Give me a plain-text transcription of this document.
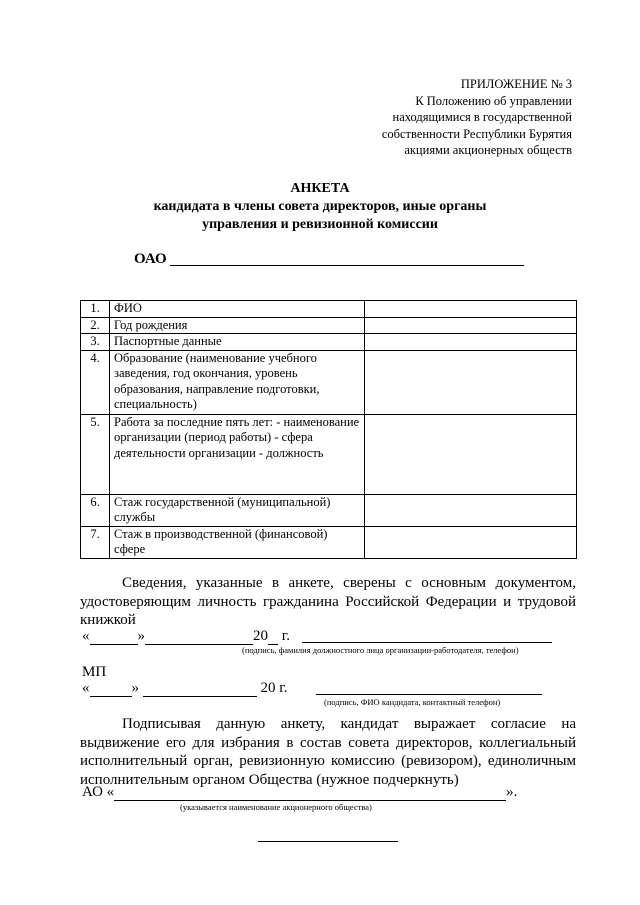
ПРИЛОЖЕНИЕ № 3
К Положению об управлении
находящимися в государственной
собственности Республики Бурятия
акциями акционерных обществ
АНКЕТА
кандидата в члены совета директоров, иные органы
управления и ревизионной комиссии
ОАО
1.	ФИО	
2.	Год рождения	
3.	Паспортные данные	
4.	Образование (наименование учебного заведения, год окончания, уровень образования, направление подготовки, специальность)	
5.	Работа за последние пять лет: - наименование организации (период работы) - сфера деятельности организации - должность	
6.	Стаж государственной (муниципальной) службы	
7.	Стаж в производственной (финансовой) сфере	

Сведения, указанные в анкете, сверены с основным документом, удостоверяющим личность гражданина Российской Федерации и трудовой книжкой

«	»	20 г.
(подпись, фамилия должностного лица организации-работодателя, телефон)
МП
«	»	20 г.
(подпись, ФИО кандидата, контактный телефон)

Подписывая данную анкету, кандидат выражает согласие на выдвижение его для избрания в состав совета директоров, коллегиальный исполнительный орган, ревизионную комиссию (ревизором), единоличным исполнительным органом Общества (нужное подчеркнуть)

АО «	».
(указывается наименование акционерного общества)
